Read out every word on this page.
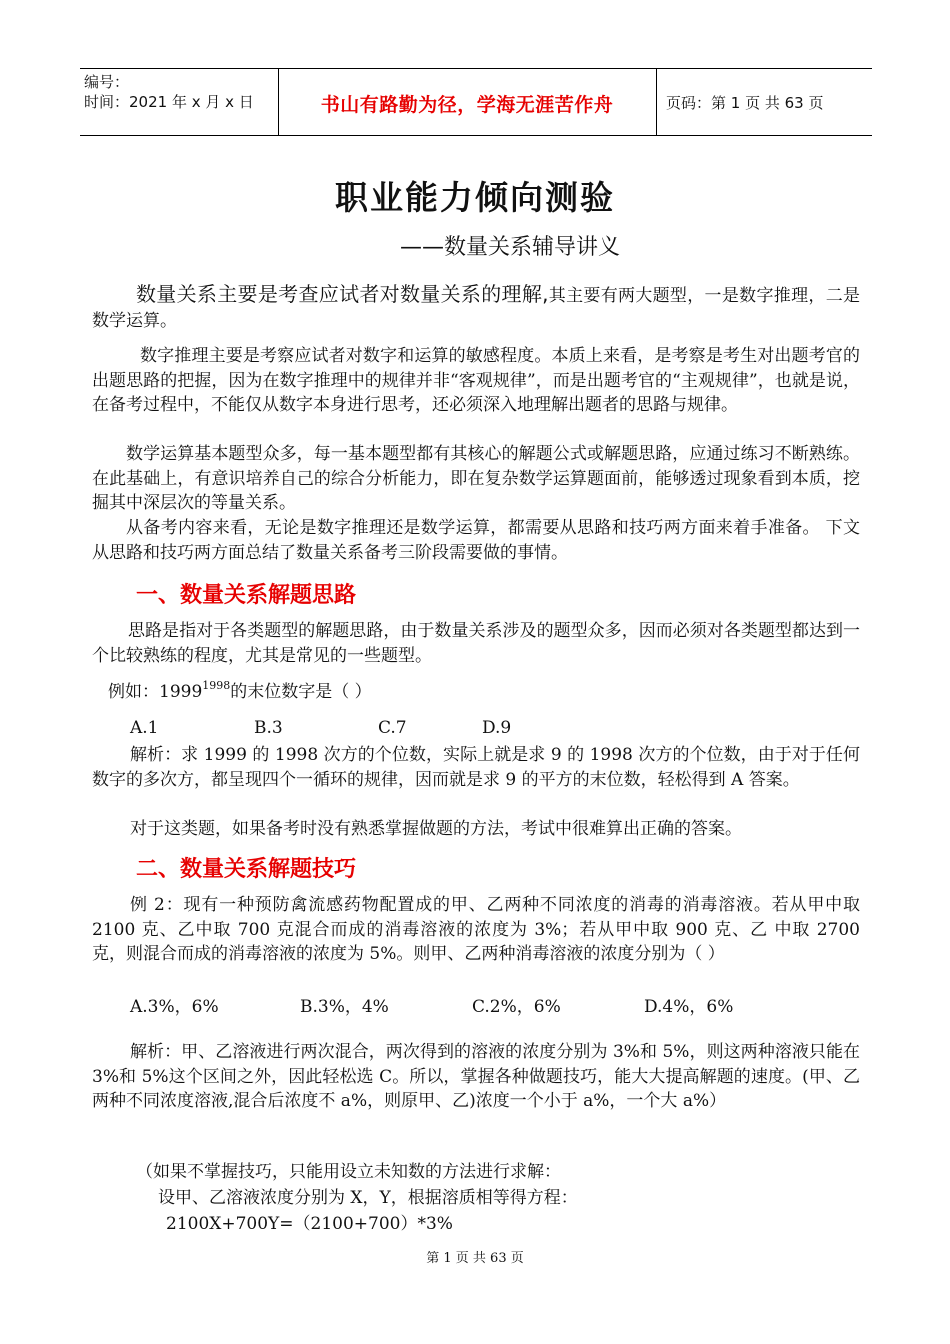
编号：
时间：2021 年 x 月 x 日	书山有路勤为径，学海无涯苦作舟	页码：第 1 页 共 63 页
职业能力倾向测验
——数量关系辅导讲义
数量关系主要是考查应试者对数量关系的理解,其主要有两大题型，一是数字推理，二是数学运算。
数字推理主要是考察应试者对数字和运算的敏感程度。本质上来看，是考察是考生对出题考官的出题思路的把握，因为在数字推理中的规律并非“客观规律”，而是出题考官的“主观规律”，也就是说，在备考过程中，不能仅从数字本身进行思考，还必须深入地理解出题者的思路与规律。
数学运算基本题型众多，每一基本题型都有其核心的解题公式或解题思路，应通过练习不断熟练。在此基础上，有意识培养自己的综合分析能力，即在复杂数学运算题面前，能够透过现象看到本质，挖掘其中深层次的等量关系。
从备考内容来看，无论是数字推理还是数学运算，都需要从思路和技巧两方面来着手准备。 下文从思路和技巧两方面总结了数量关系备考三阶段需要做的事情。
一、数量关系解题思路
思路是指对于各类题型的解题思路，由于数量关系涉及的题型众多，因而必须对各类题型都达到一个比较熟练的程度，尤其是常见的一些题型。
例如：$1999^{1998}$的末位数字是（ ）
A.1	B.3	C.7	D.9
解析：求 1999 的 1998 次方的个位数，实际上就是求 9 的 1998 次方的个位数，由于对于任何数字的多次方，都呈现四个一循环的规律，因而就是求 9 的平方的末位数，轻松得到 A 答案。
对于这类题，如果备考时没有熟悉掌握做题的方法，考试中很难算出正确的答案。
二、数量关系解题技巧
例 2：现有一种预防禽流感药物配置成的甲、乙两种不同浓度的消毒的消毒溶液。若从甲中取 2100 克、乙中取 700 克混合而成的消毒溶液的浓度为 3%；若从甲中取 900 克、乙 中取 2700 克，则混合而成的消毒溶液的浓度为 5%。则甲、乙两种消毒溶液的浓度分别为（ ）
A.3%，6%	B.3%，4%	C.2%，6%	D.4%，6%
解析：甲、乙溶液进行两次混合，两次得到的溶液的浓度分别为 3%和 5%，则这两种溶液只能在 3%和 5%这个区间之外，因此轻松选 C。所以，掌握各种做题技巧，能大大提高解题的速度。(甲、乙两种不同浓度溶液,混合后浓度不 a%，则原甲、乙)浓度一个小于 a%，一个大 a%）
（如果不掌握技巧，只能用设立未知数的方法进行求解：
设甲、乙溶液浓度分别为 X，Y，根据溶质相等得方程：
2100X+700Y=（2100+700）*3%
第 1 页 共 63 页
